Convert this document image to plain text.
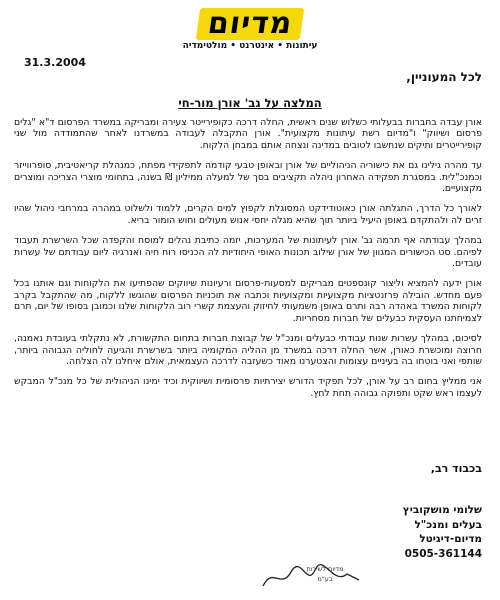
מדיום
עיתונות • אינטרנט • מולטימדיה
31.3.2004
לכל המעוניין,
המלצה על גב' אורן מור-חי

אורן עבדה בחברות בבעלותי כשלוש שנים ראשית, החלה דרכה כקופירייטר צעירה ומבריקה במשרד הפרסום ד"א "גלים פרסום ושיווק" ו"מדיום רשת עיתונות מקצועית". אורן התקבלה לעבודה במשרדנו לאחר שהתמודדה מול שני קופירייטרים ותיקים שנחשבו לטובים במדינה ונצחה אותם במבחן הלקוח.

עד מהרה גילינו גם את כישוריה הניהוליים של אורן ובאופן טבעי קודמה לתפקידי מפתח, כמנהלת קריאטיבית, סופרווייזר וכמנכ"לית. במסגרת תפקידה האחרון ניהלה תקציבים בסך של למעלה ממיליון ₪ בשנה, בתחומי מוצרי הצריכה ומוצרים מקצועיים.

לאורך כל הדרך, התגלתה אורן כאוטודידקט המסוגלת לקפוץ למים הקרים, ללמוד ולשלוט במהרה במרחבי ניהול שהיו זרים לה ולהתקדם באופן היעיל ביותר תוך שהיא מגלה יחסי אנוש מעולים וחוש הומור בריא.

במהלך עבודתה אף תרמה גב' אורן לעיתונות של המערכות, יזמה כתיבת נהלים למוסח והקפדה שכל השרשרת תעבוד לפיהם. סט הכישורים המגוון של אורן שילוב תכונות האופי היחודיות לה הכניסו רוח חיה ואנרגיה ליום עבודתם של עשרות עובדים.

אורן ידעה להמציא וליצור קונספטים מבריקים למסעות-פרסום ורעיונות שיווקים שהפתיעו את הלקוחות וגם אותנו בכל פעם מחדש. הובילה פרזנטציות מקצועיות ומקצועיות וכתבה את תוכניות הפרסום שהוגשו ללקוח, מה שהתקבל בקרב לקוחות המשרד באהדה רבה ותרם באופן משמעותי לחיזוק והעצמת קשרי רוב הלקוחות שלנו וכמובן בסופו של יום, תרם לצמיחתנו העסקית כבעלים של חברות מסחריות.

לסיכום, במהלך עשרות שנות עבודתי כבעלים ומנכ"ל של קבוצת חברות בתחום התקשורת, לא נתקלתי בעובדת נאמנה, חרוצה ומוכשרת כאורן, אשר החלה דרכה במשרד מן ההליה המקומיה ביותר בשרשרת והגיעה לחוליה הגבוהה ביותר, שותפי ואני בוטחו בה בעיניים עצומות והצטערנו מאוד כשעזבה לדרכה העצמאית, אולם איחלנו לה הצלחה.

אני ממליץ בחום רב על אורן, לכל תפקיד הדורש יצירתיות פרסומית ושיווקית וכיד ימינו הניהולית של כל מנכ"ל המבקש לעצמו ראש שקט ותפוקה גבוהה תחת לחץ.

בכבוד רב,
שלומי מושקוביץ
בעלים ומנכ"ל
מדיום-דיגיטל
0505-361144
מדיום לשירות
בע"מ
